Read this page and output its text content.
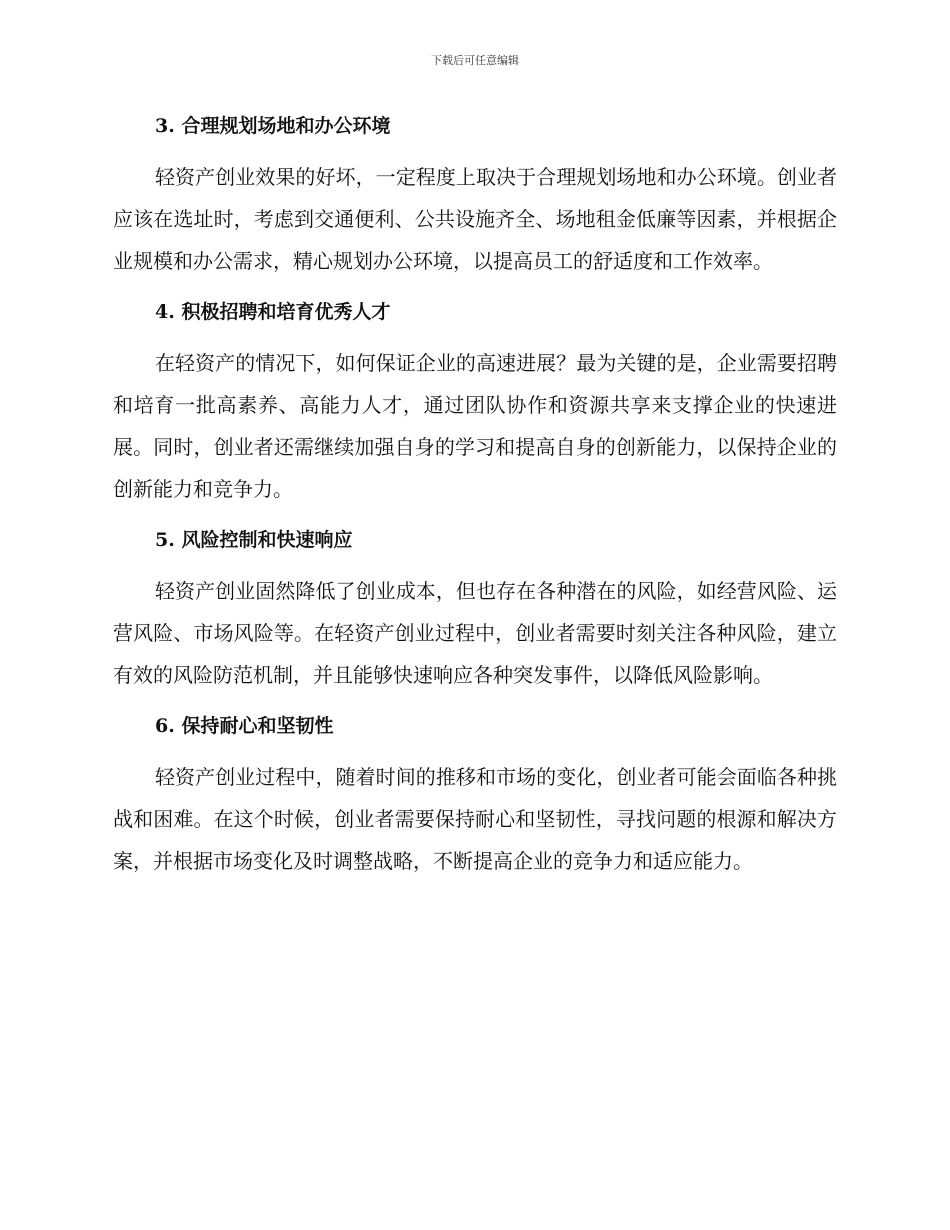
下载后可任意编辑
3. 合理规划场地和办公环境

轻资产创业效果的好坏，一定程度上取决于合理规划场地和办公环境。创业者应该在选址时，考虑到交通便利、公共设施齐全、场地租金低廉等因素，并根据企业规模和办公需求，精心规划办公环境，以提高员工的舒适度和工作效率。

4. 积极招聘和培育优秀人才

在轻资产的情况下，如何保证企业的高速进展？最为关键的是，企业需要招聘和培育一批高素养、高能力人才，通过团队协作和资源共享来支撑企业的快速进展。同时，创业者还需继续加强自身的学习和提高自身的创新能力，以保持企业的创新能力和竞争力。

5. 风险控制和快速响应

轻资产创业固然降低了创业成本，但也存在各种潜在的风险，如经营风险、运营风险、市场风险等。在轻资产创业过程中，创业者需要时刻关注各种风险，建立有效的风险防范机制，并且能够快速响应各种突发事件，以降低风险影响。

6. 保持耐心和坚韧性

轻资产创业过程中，随着时间的推移和市场的变化，创业者可能会面临各种挑战和困难。在这个时候，创业者需要保持耐心和坚韧性，寻找问题的根源和解决方案，并根据市场变化及时调整战略，不断提高企业的竞争力和适应能力。
